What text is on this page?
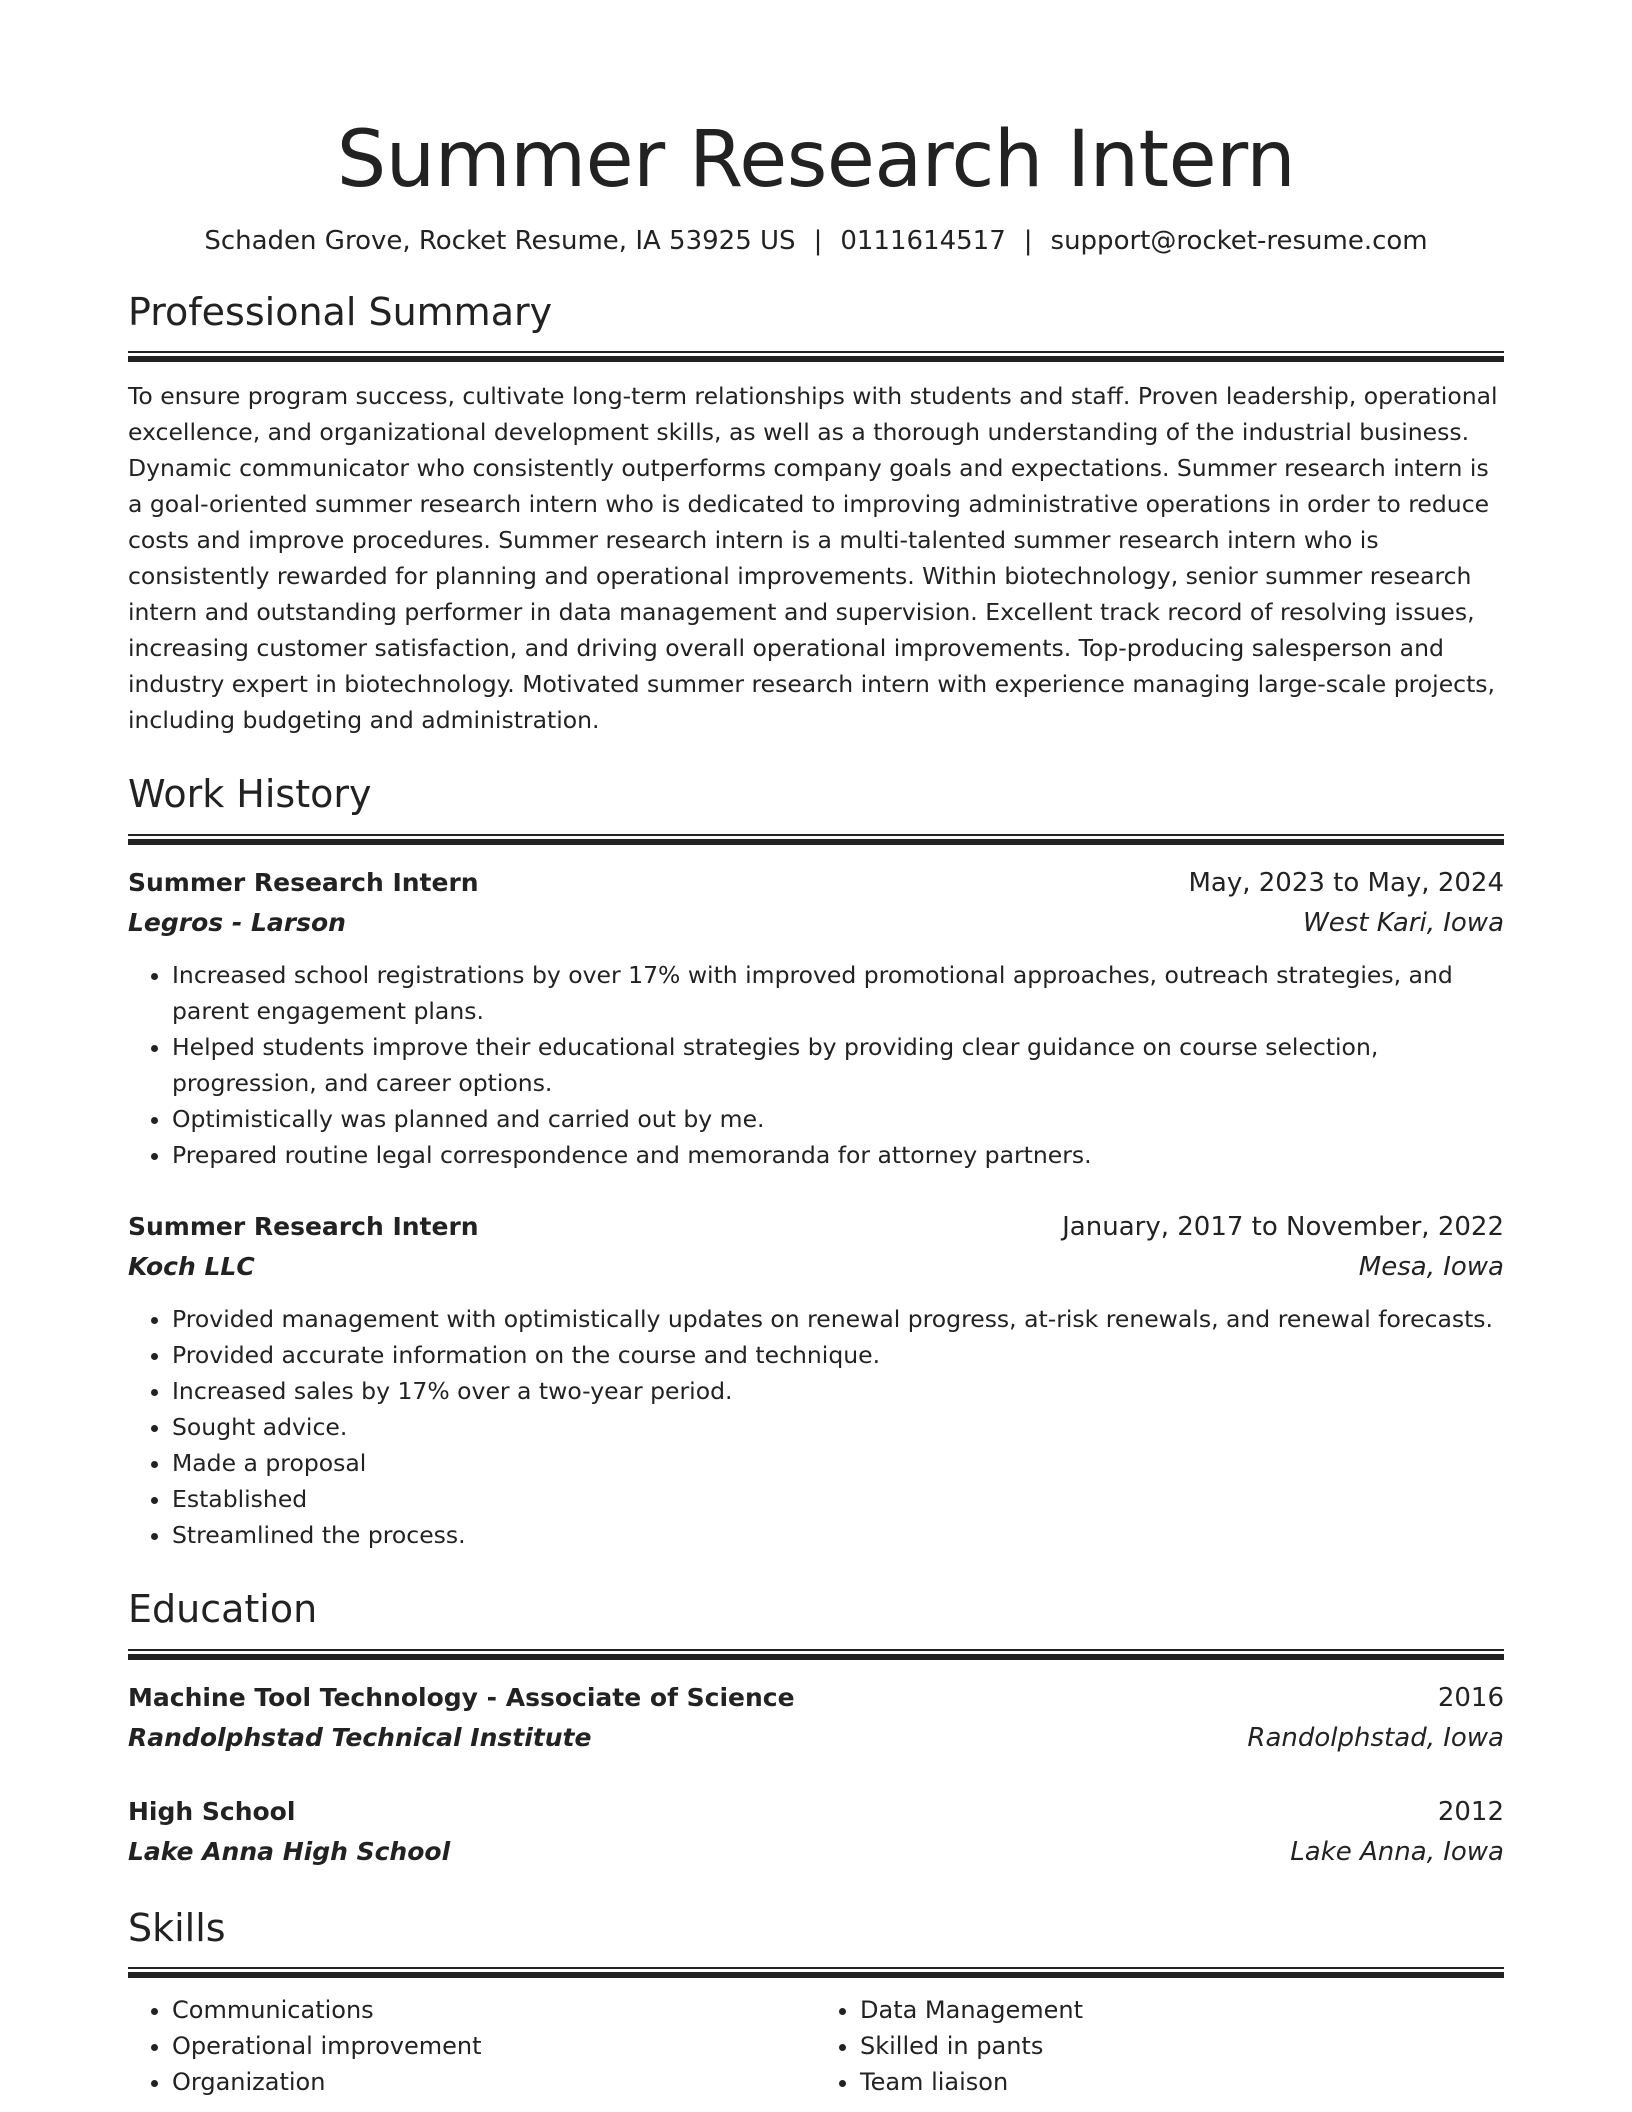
Summer Research Intern
Schaden Grove, Rocket Resume, IA 53925 US | 0111614517 | support@rocket-resume.com
Professional Summary
To ensure program success, cultivate long-term relationships with students and staff. Proven leadership, operational excellence, and organizational development skills, as well as a thorough understanding of the industrial business. Dynamic communicator who consistently outperforms company goals and expectations. Summer research intern is a goal-oriented summer research intern who is dedicated to improving administrative operations in order to reduce costs and improve procedures. Summer research intern is a multi-talented summer research intern who is consistently rewarded for planning and operational improvements. Within biotechnology, senior summer research intern and outstanding performer in data management and supervision. Excellent track record of resolving issues, increasing customer satisfaction, and driving overall operational improvements. Top-producing salesperson and industry expert in biotechnology. Motivated summer research intern with experience managing large-scale projects, including budgeting and administration.
Work History
Summer Research Intern	May, 2023 to May, 2024
Legros - Larson	West Kari, Iowa
• Increased school registrations by over 17% with improved promotional approaches, outreach strategies, and parent engagement plans.
• Helped students improve their educational strategies by providing clear guidance on course selection, progression, and career options.
• Optimistically was planned and carried out by me.
• Prepared routine legal correspondence and memoranda for attorney partners.
Summer Research Intern	January, 2017 to November, 2022
Koch LLC	Mesa, Iowa
• Provided management with optimistically updates on renewal progress, at-risk renewals, and renewal forecasts.
• Provided accurate information on the course and technique.
• Increased sales by 17% over a two-year period.
• Sought advice.
• Made a proposal
• Established
• Streamlined the process.
Education
Machine Tool Technology - Associate of Science	2016
Randolphstad Technical Institute	Randolphstad, Iowa
High School	2012
Lake Anna High School	Lake Anna, Iowa
Skills
• Communications
• Operational improvement
• Organization
• Data Management
• Skilled in pants
• Team liaison
